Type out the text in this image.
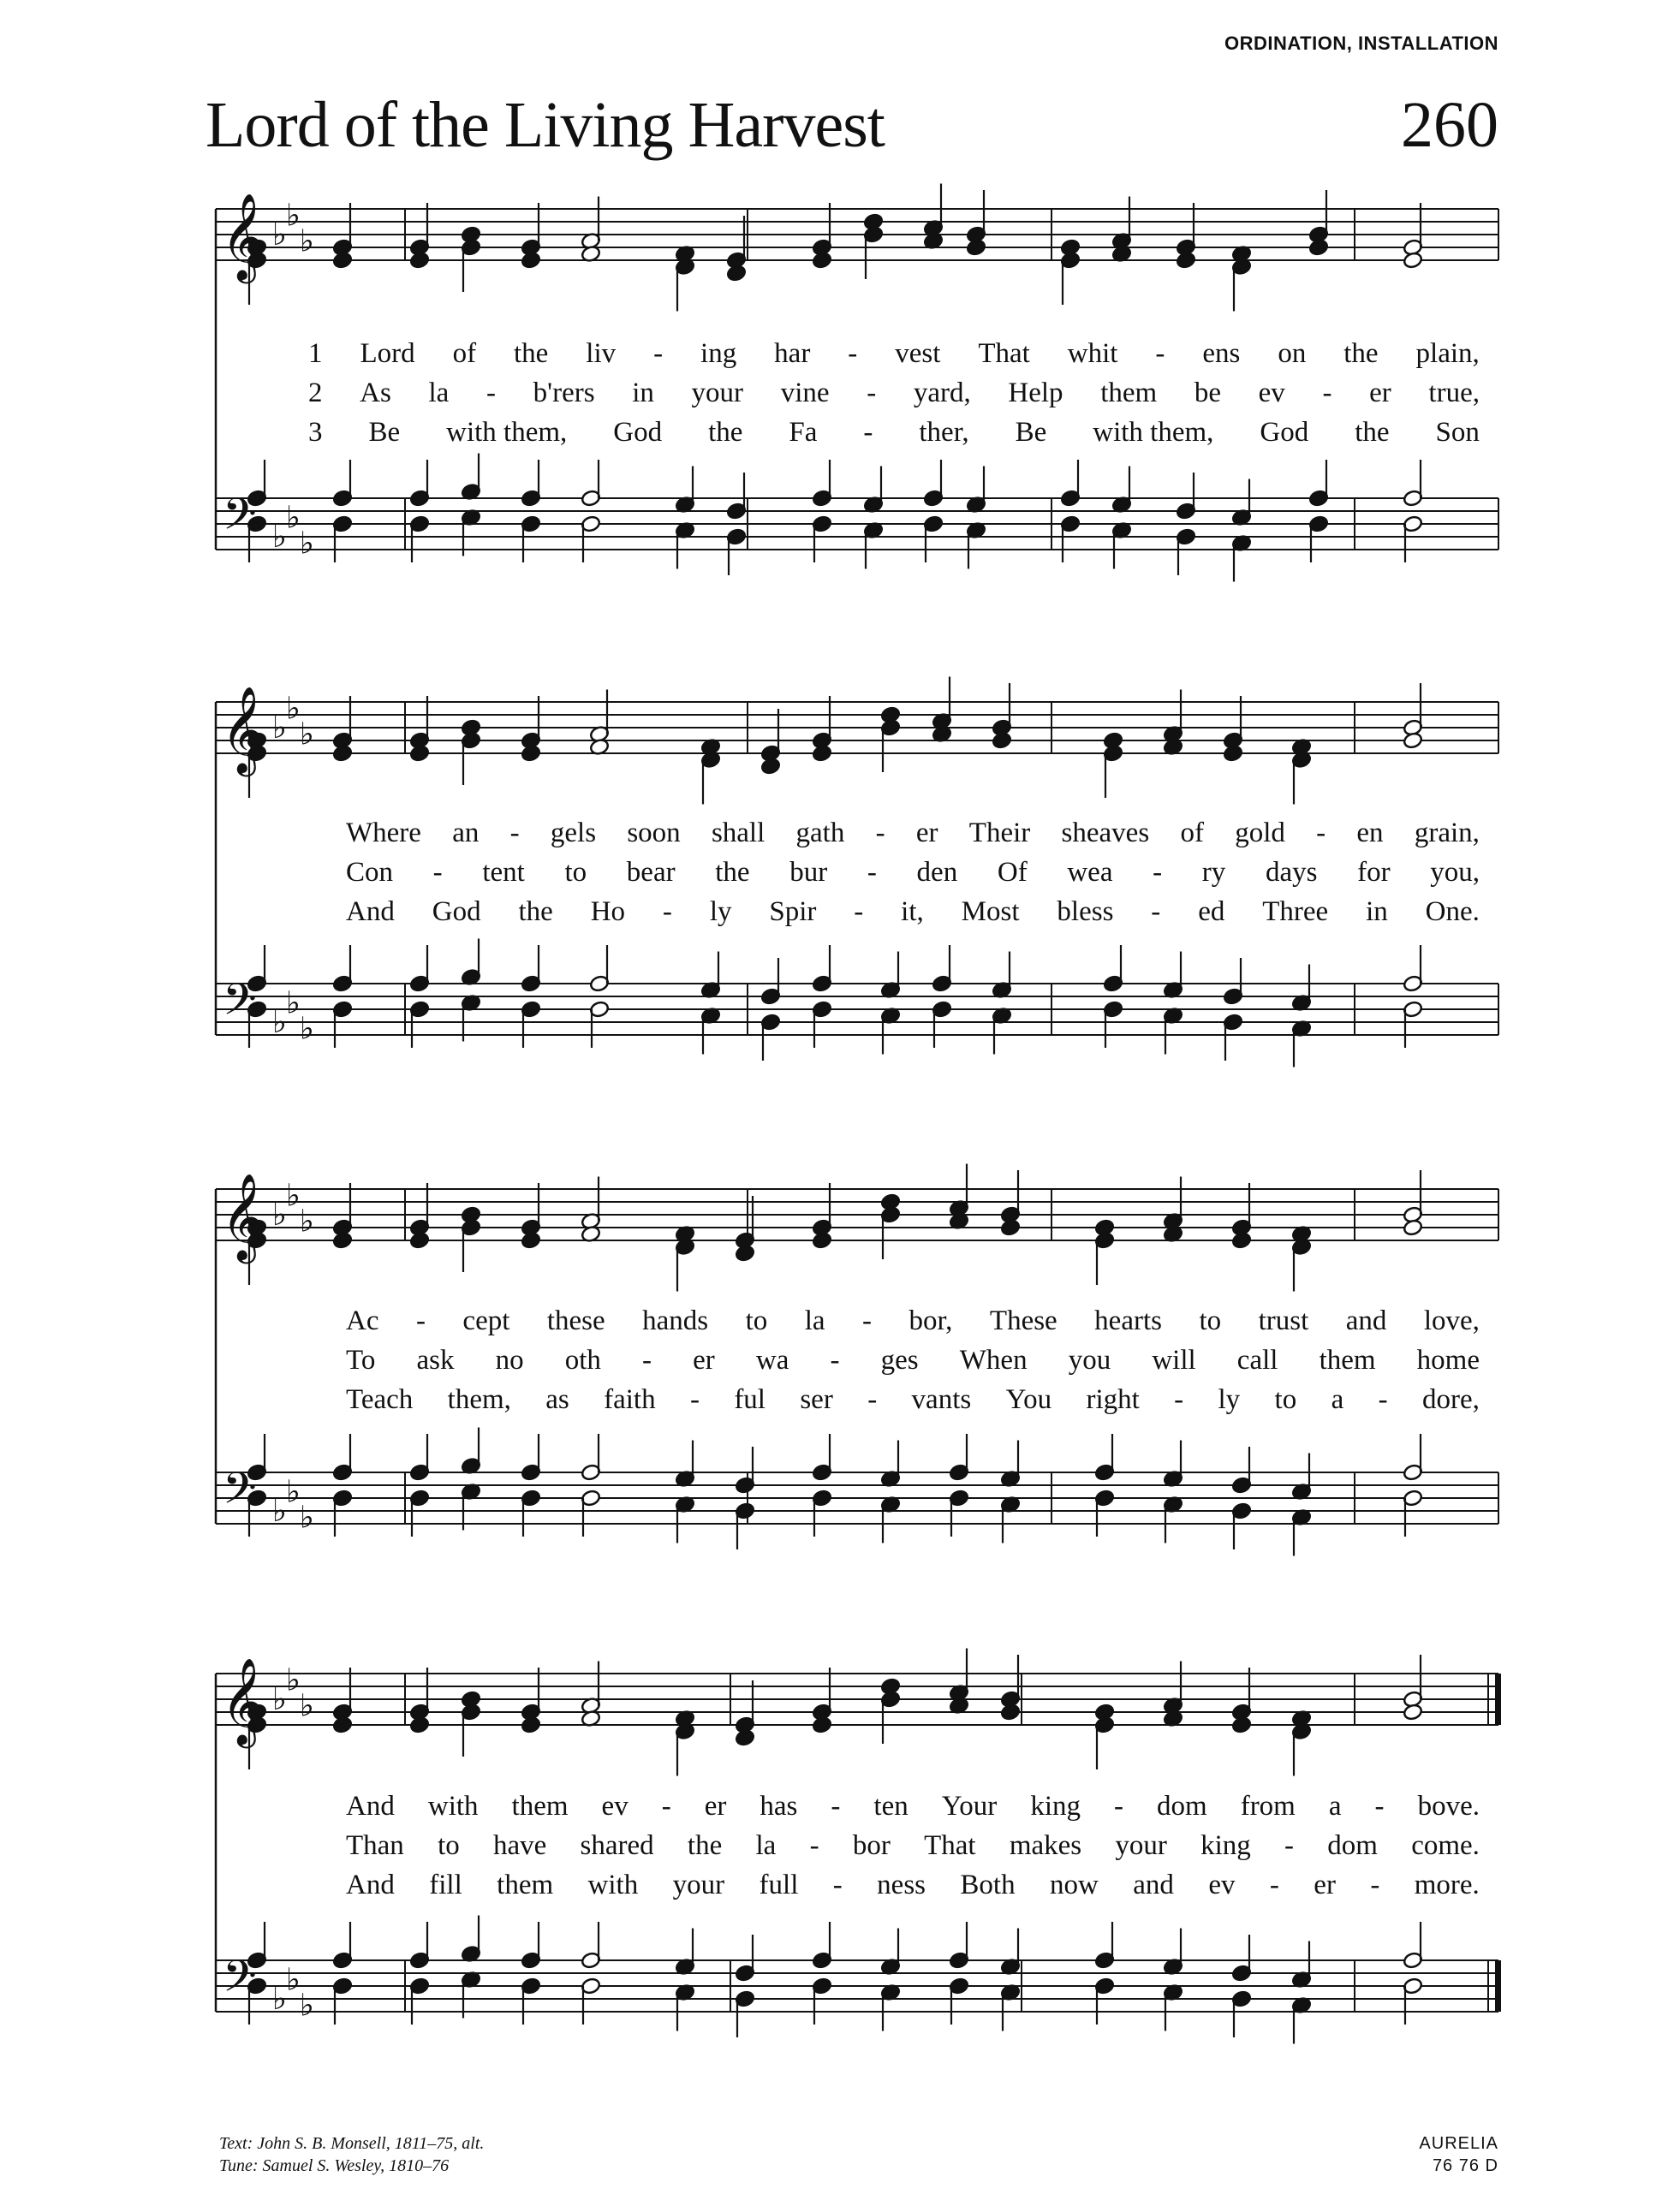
ORDINATION, INSTALLATION
Lord of the Living Harvest	260
𝄞
𝄢
♭
♭
♭
♭
♭
♭
𝄞
𝄢
♭
♭
♭
♭
♭
♭
𝄞
𝄢
♭
♭
♭
♭
♭
♭
𝄞
𝄢
♭
♭
♭
♭
♭
♭
1 Lord of the liv - ing har - vest That whit - ens on the plain,
2 As la - b'rers in your vine - yard, Help them be ev - er true,
3 Be with them, God the Fa - ther, Be with them, God the Son
Where an - gels soon shall gath - er Their sheaves of gold - en grain,
Con - tent to bear the bur - den Of wea - ry days for you,
And God the Ho - ly Spir - it, Most bless - ed Three in One.
Ac - cept these hands to la - bor, These hearts to trust and love,
To ask no oth - er wa - ges When you will call them home
Teach them, as faith - ful ser - vants You right - ly to a - dore,
And with them ev - er has - ten Your king - dom from a - bove.
Than to have shared the la - bor That makes your king - dom come.
And fill them with your full - ness Both now and ev - er - more.
Text: John S. B. Monsell, 1811–75, alt.
Tune: Samuel S. Wesley, 1810–76
AURELIA
76 76 D
